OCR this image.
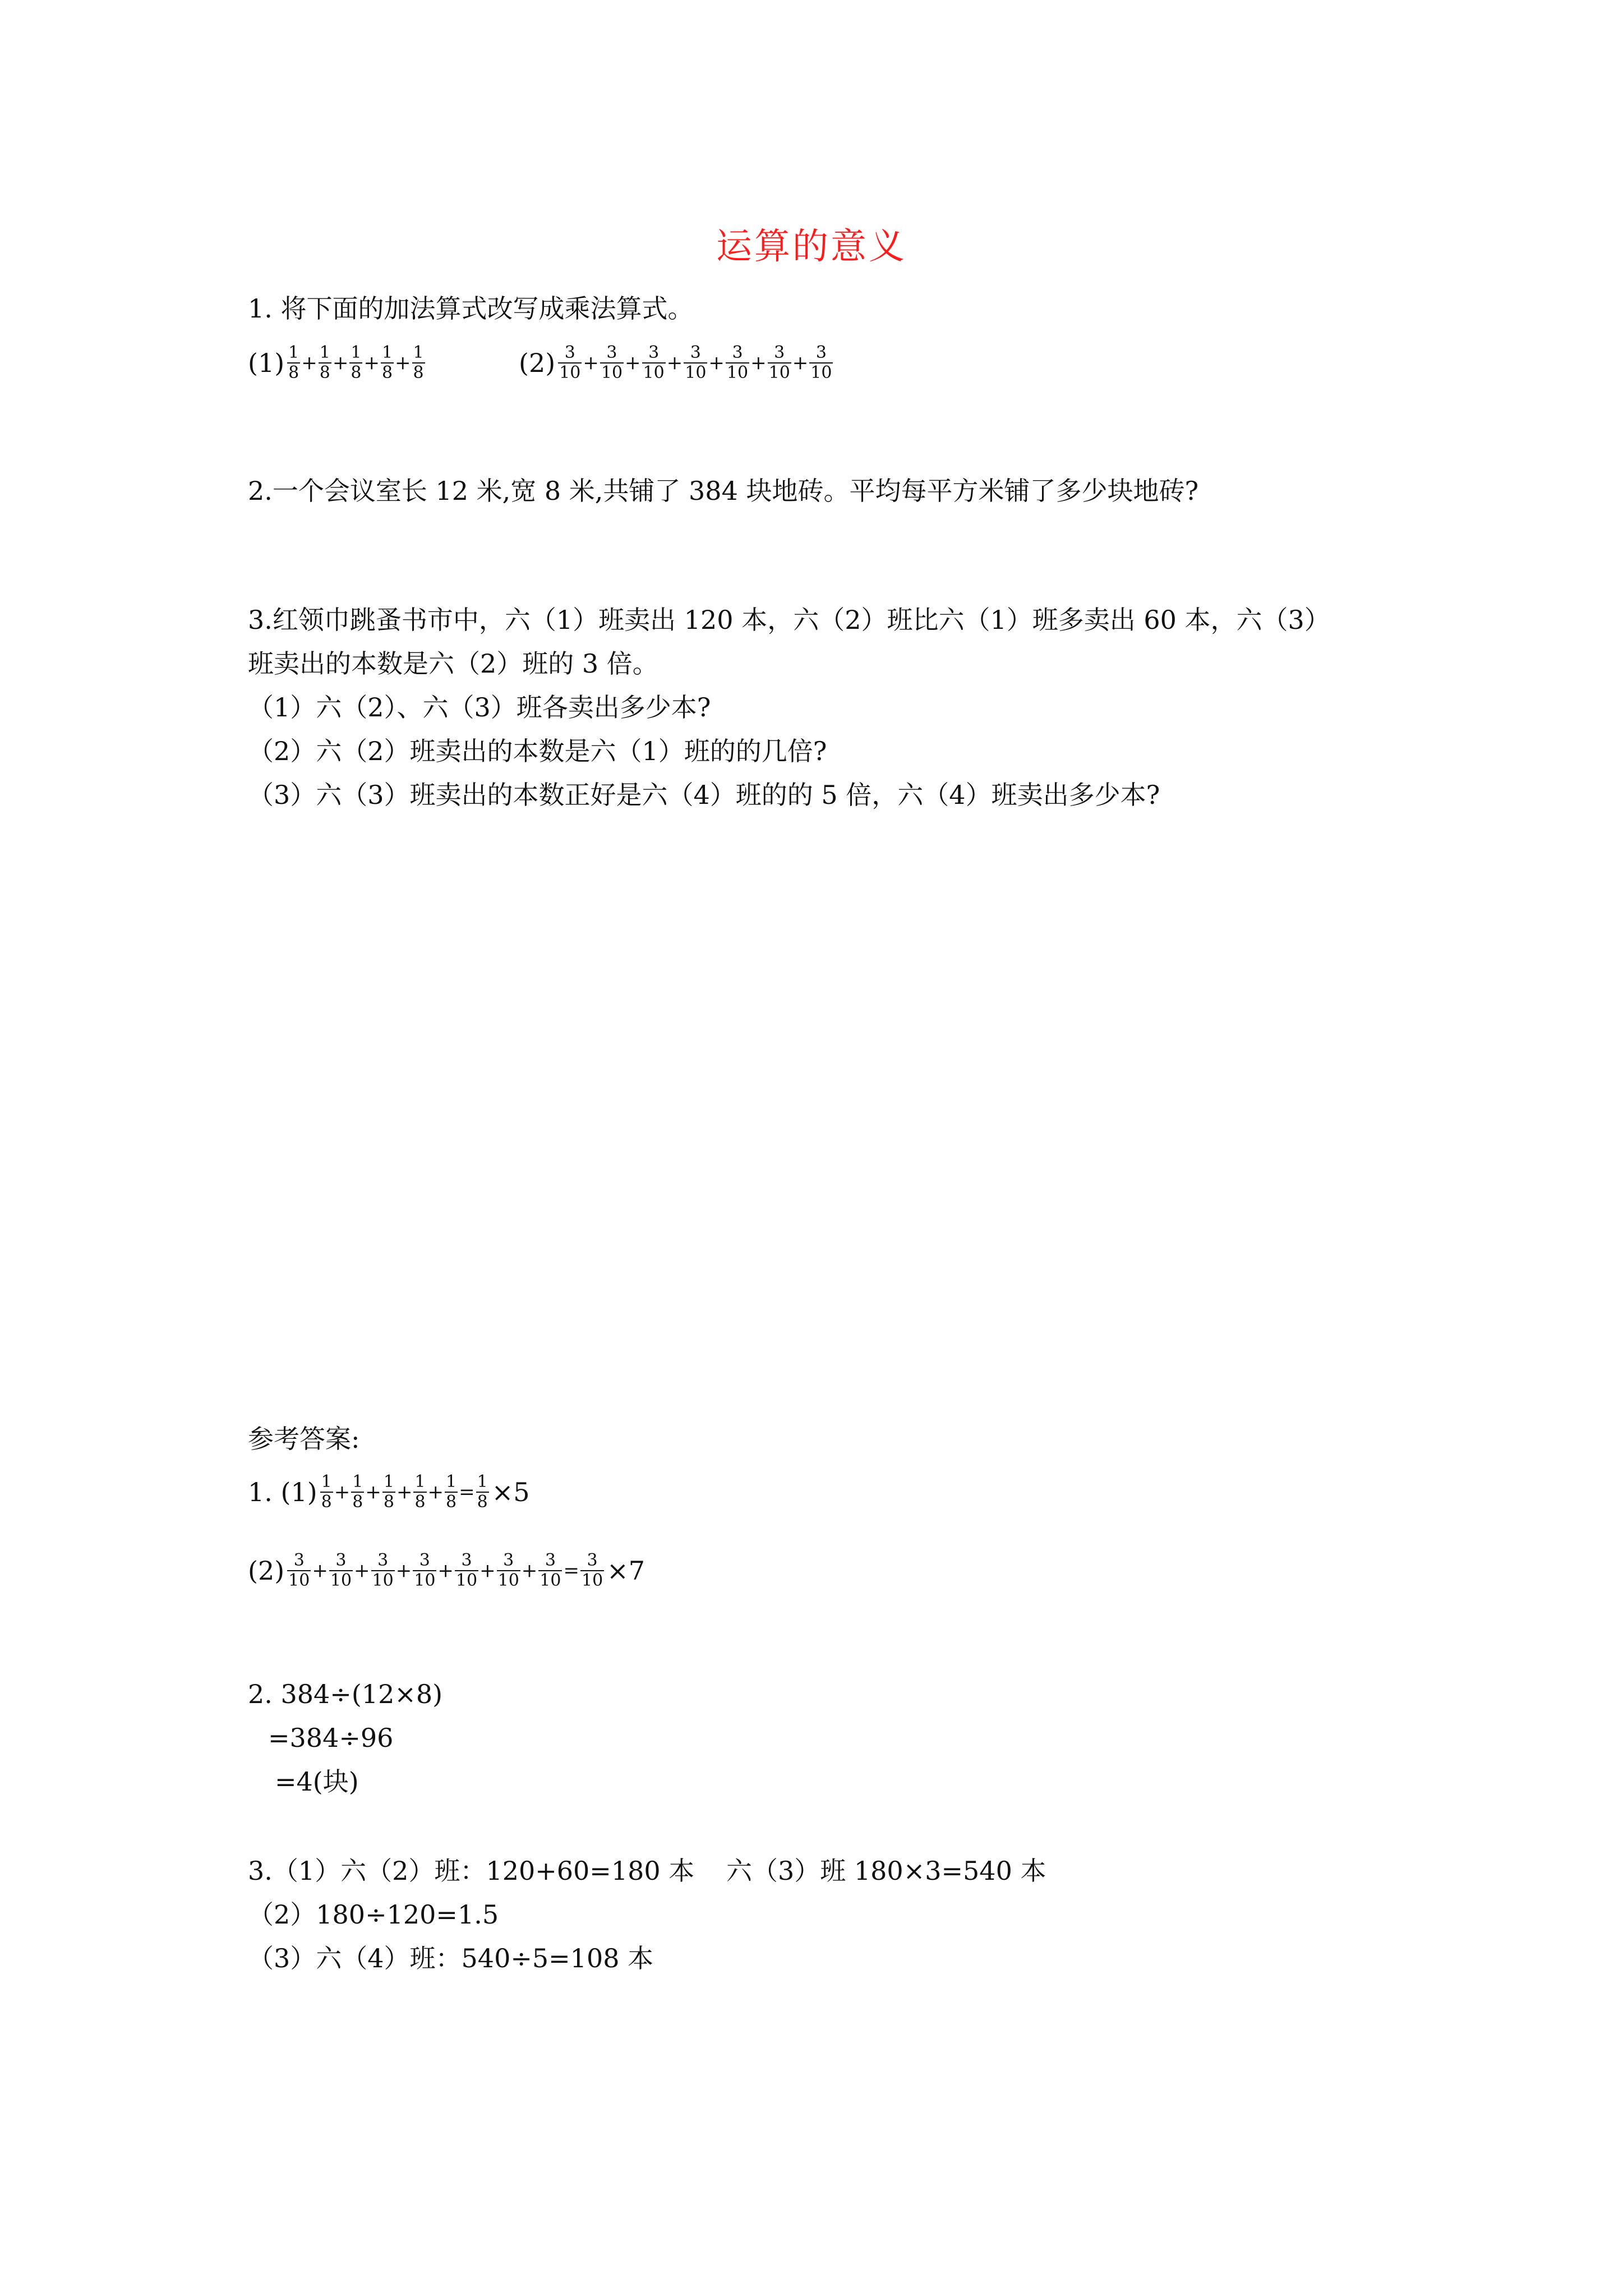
运算的意义
1. 将下面的加法算式改写成乘法算式。
$(1) \frac{1}{8} + \frac{1}{8} + \frac{1}{8} + \frac{1}{8} + \frac{1}{8}$	$(2) \frac{3}{10} + \frac{3}{10} + \frac{3}{10} + \frac{3}{10} + \frac{3}{10} + \frac{3}{10} + \frac{3}{10}$
2.一个会议室长 12 米,宽 8 米,共铺了 384 块地砖。平均每平方米铺了多少块地砖?
3.红领巾跳蚤书市中，六（1）班卖出 120 本，六（2）班比六（1）班多卖出 60 本，六（3）
班卖出的本数是六（2）班的 3 倍。
（1）六（2）、六（3）班各卖出多少本?
（2）六（2）班卖出的本数是六（1）班的的几倍?
（3）六（3）班卖出的本数正好是六（4）班的的 5 倍，六（4）班卖出多少本?
参考答案:
1. $(1) \frac{1}{8} + \frac{1}{8} + \frac{1}{8} + \frac{1}{8} + \frac{1}{8} = \frac{1}{8} \times 5$
$(2) \frac{3}{10} + \frac{3}{10} + \frac{3}{10} + \frac{3}{10} + \frac{3}{10} + \frac{3}{10} + \frac{3}{10} = \frac{3}{10} \times 7$
2. 384÷(12×8)
=384÷96
=4(块)
3.（1）六（2）班：120+60=180 本 六（3）班 180×3=540 本
（2）180÷120=1.5
（3）六（4）班：540÷5=108 本
